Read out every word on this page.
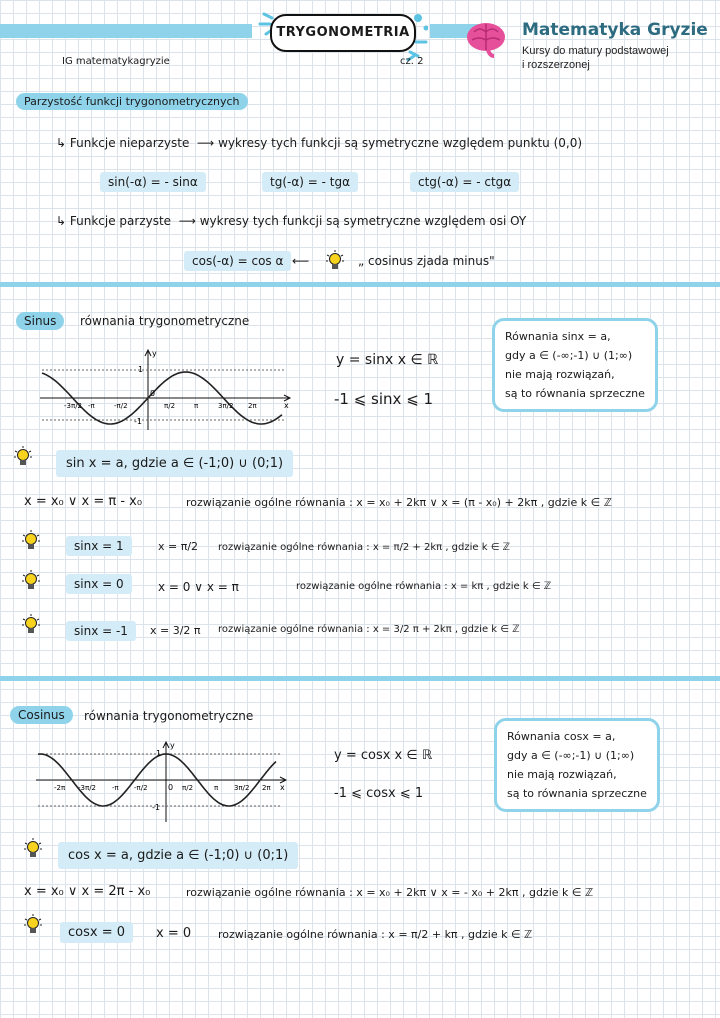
TRYGONOMETRIA	Matematyka Gryzie
Kursy do matury podstawowej
i rozszerzonej
IG matematykagryzie	cz. 2
Parzystość funkcji trygonometrycznych
↳ Funkcje nieparzyste  ⟶ wykresy tych funkcji są symetryczne względem punktu (0,0)
sin(-α) = - sinα	tg(-α) = - tgα	ctg(-α) = - ctgα
↳ Funkcje parzyste  ⟶ wykresy tych funkcji są symetryczne względem osi OY
cos(-α) = cos α ⟵	„ cosinus zjada minus"
Sinus	równania trygonometryczne
1
-1
0
-3π/2 -π	-π/2	π/2	π	3π/2 2π	x
y	y = sinx x ∈ ℝ
-1 ⩽ sinx ⩽ 1
Równania sinx = a,
gdy a ∈ (-∞;-1) ∪ (1;∞)
nie mają rozwiązań,
są to równania sprzeczne
sin x = a, gdzie a ∈ (-1;0) ∪ (0;1)
x = x₀ ∨ x = π - x₀	rozwiązanie ogólne równania : x = x₀ + 2kπ ∨ x = (π - x₀) + 2kπ , gdzie k ∈ ℤ
sinx = 1	x = π/2 rozwiązanie ogólne równania : x = π/2 + 2kπ , gdzie k ∈ ℤ
sinx = 0	x = 0 ∨ x = π	rozwiązanie ogólne równania : x = kπ , gdzie k ∈ ℤ
sinx = -1	x = 3/2 π rozwiązanie ogólne równania : x = 3/2 π + 2kπ , gdzie k ∈ ℤ
Cosinus	równania trygonometryczne
1
-1
0
-2π -3π/2 -π -π/2	π/2	π 3π/2 2π x
y
y = cosx x ∈ ℝ
-1 ⩽ cosx ⩽ 1
Równania cosx = a,
gdy a ∈ (-∞;-1) ∪ (1;∞)
nie mają rozwiązań,
są to równania sprzeczne
cos x = a, gdzie a ∈ (-1;0) ∪ (0;1)
x = x₀ ∨ x = 2π - x₀	rozwiązanie ogólne równania : x = x₀ + 2kπ ∨ x = - x₀ + 2kπ , gdzie k ∈ ℤ
cosx = 0	x = 0 rozwiązanie ogólne równania : x = π/2 + kπ , gdzie k ∈ ℤ
